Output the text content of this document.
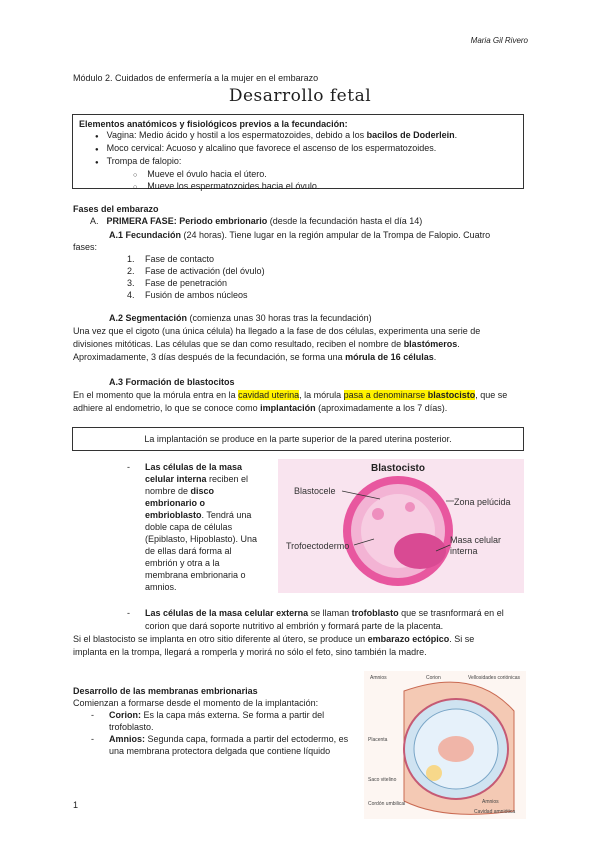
Maria Gil Rivero
Módulo 2. Cuidados de enfermería a la mujer en el embarazo
Desarrollo fetal
Elementos anatómicos y fisiológicos previos a la fecundación:
● Vagina: Medio ácido y hostil a los espermatozoides, debido a los bacilos de Doderlein.
● Moco cervical: Acuoso y alcalino que favorece el ascenso de los espermatozoides.
● Trompa de falopio:
○ Mueve el óvulo hacia el útero.
○ Mueve los espermatozoides hacia el óvulo.
Fases del embarazo
A. PRIMERA FASE: Periodo embrionario (desde la fecundación hasta el día 14)
A.1 Fecundación (24 horas). Tiene lugar en la región ampular de la Trompa de Falopio. Cuatro
fases:
1. Fase de contacto
2. Fase de activación (del óvulo)
3. Fase de penetración
4. Fusión de ambos núcleos
A.2 Segmentación (comienza unas 30 horas tras la fecundación)
Una vez que el cigoto (una única célula) ha llegado a la fase de dos células, experimenta una serie de
divisiones mitóticas. Las células que se dan como resultado, reciben el nombre de blastómeros.
Aproximadamente, 3 días después de la fecundación, se forma una mórula de 16 células.
A.3 Formación de blastocitos
En el momento que la mórula entra en la cavidad uterina, la mórula pasa a denominarse blastocisto, que se
adhiere al endometrio, lo que se conoce como implantación (aproximadamente a los 7 días).
La implantación se produce en la parte superior de la pared uterina posterior.
- Las células de la masa
celular interna reciben el
nombre de disco
embrionario o
embrioblasto. Tendrá una
doble capa de células
(Epiblasto, Hipoblasto). Una
de ellas dará forma al
embrión y otra a la
membrana embrionaria o
amnios.
Blastocisto
Blastocele
Zona pelúcida
Trofoectodermo
Masa celular
interna
- Las células de la masa celular externa se llaman trofoblasto que se trasnformará en el
corion que dará soporte nutritivo al embrión y formará parte de la placenta.
Si el blastocisto se implanta en otro sitio diferente al útero, se produce un embarazo ectópico. Si se
implanta en la trompa, llegará a romperla y morirá no sólo el feto, sino también la madre.
Desarrollo de las membranas embrionarias
Comienzan a formarse desde el momento de la implantación:
- Corion: Es la capa más externa. Se forma a partir del
trofoblasto.
- Amnios: Segunda capa, formada a partir del ectodermo, es
una membrana protectora delgada que contiene líquido
Amnios	Corion	Vellosidades coriónicas
Placenta
Saco vitelino
Cavidad amniótica
Cordón umbilical	Amnios
1
